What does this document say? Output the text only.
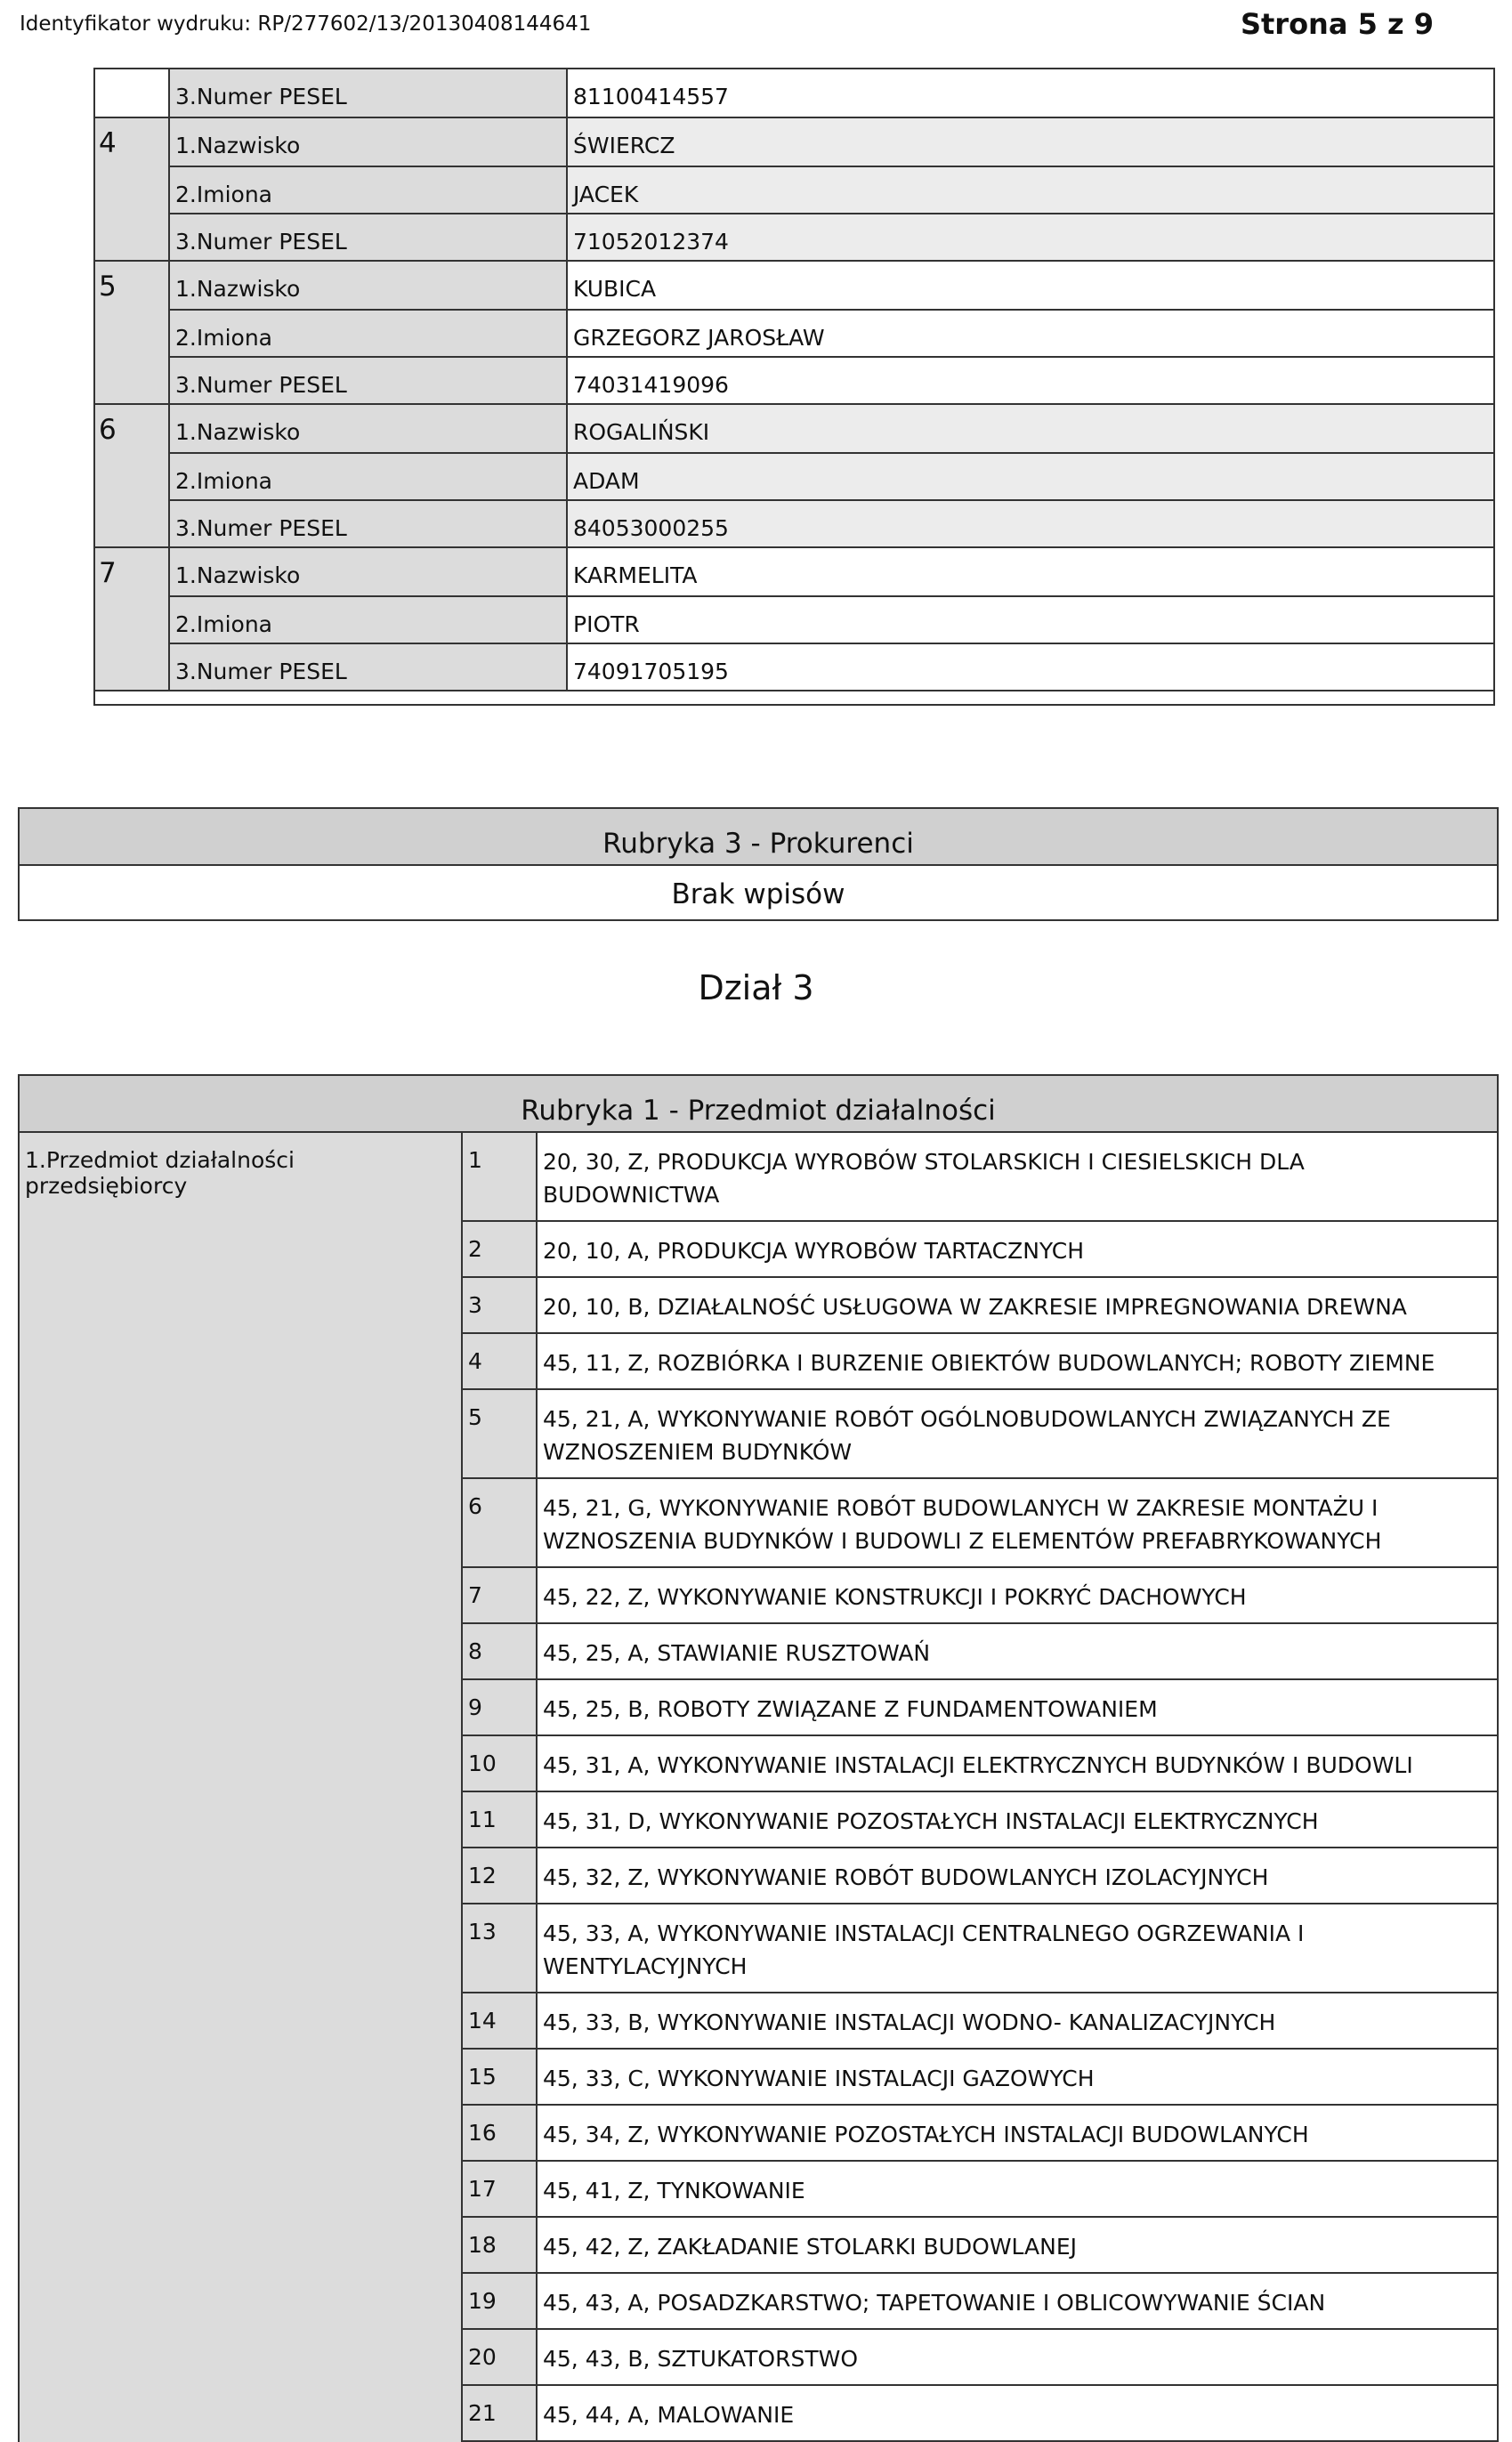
Identyfikator wydruku: RP/277602/13/20130408144641	Strona 5 z 9
3.Numer PESEL	81100414557
4	1.Nazwisko	ŚWIERCZ
2.Imiona	JACEK
3.Numer PESEL	71052012374
5	1.Nazwisko	KUBICA
2.Imiona	GRZEGORZ JAROSŁAW
3.Numer PESEL	74031419096
6	1.Nazwisko	ROGALIŃSKI
2.Imiona	ADAM
3.Numer PESEL	84053000255
7	1.Nazwisko	KARMELITA
2.Imiona	PIOTR
3.Numer PESEL	74091705195
Rubryka 3 - Prokurenci
Brak wpisów
Dział 3
Rubryka 1 - Przedmiot działalności
1.Przedmiot działalności przedsiębiorcy
1	20, 30, Z, PRODUKCJA WYROBÓW STOLARSKICH I CIESIELSKICH DLA BUDOWNICTWA
2	20, 10, A, PRODUKCJA WYROBÓW TARTACZNYCH
3	20, 10, B, DZIAŁALNOŚĆ USŁUGOWA W ZAKRESIE IMPREGNOWANIA DREWNA
4	45, 11, Z, ROZBIÓRKA I BURZENIE OBIEKTÓW BUDOWLANYCH; ROBOTY ZIEMNE
5	45, 21, A, WYKONYWANIE ROBÓT OGÓLNOBUDOWLANYCH ZWIĄZANYCH ZE WZNOSZENIEM BUDYNKÓW
6	45, 21, G, WYKONYWANIE ROBÓT BUDOWLANYCH W ZAKRESIE MONTAŻU I WZNOSZENIA BUDYNKÓW I BUDOWLI Z ELEMENTÓW PREFABRYKOWANYCH
7	45, 22, Z, WYKONYWANIE KONSTRUKCJI I POKRYĆ DACHOWYCH
8	45, 25, A, STAWIANIE RUSZTOWAŃ
9	45, 25, B, ROBOTY ZWIĄZANE Z FUNDAMENTOWANIEM
10	45, 31, A, WYKONYWANIE INSTALACJI ELEKTRYCZNYCH BUDYNKÓW I BUDOWLI
11	45, 31, D, WYKONYWANIE POZOSTAŁYCH INSTALACJI ELEKTRYCZNYCH
12	45, 32, Z, WYKONYWANIE ROBÓT BUDOWLANYCH IZOLACYJNYCH
13	45, 33, A, WYKONYWANIE INSTALACJI CENTRALNEGO OGRZEWANIA I WENTYLACYJNYCH
14	45, 33, B, WYKONYWANIE INSTALACJI WODNO- KANALIZACYJNYCH
15	45, 33, C, WYKONYWANIE INSTALACJI GAZOWYCH
16	45, 34, Z, WYKONYWANIE POZOSTAŁYCH INSTALACJI BUDOWLANYCH
17	45, 41, Z, TYNKOWANIE
18	45, 42, Z, ZAKŁADANIE STOLARKI BUDOWLANEJ
19	45, 43, A, POSADZKARSTWO; TAPETOWANIE I OBLICOWYWANIE ŚCIAN
20	45, 43, B, SZTUKATORSTWO
21	45, 44, A, MALOWANIE
